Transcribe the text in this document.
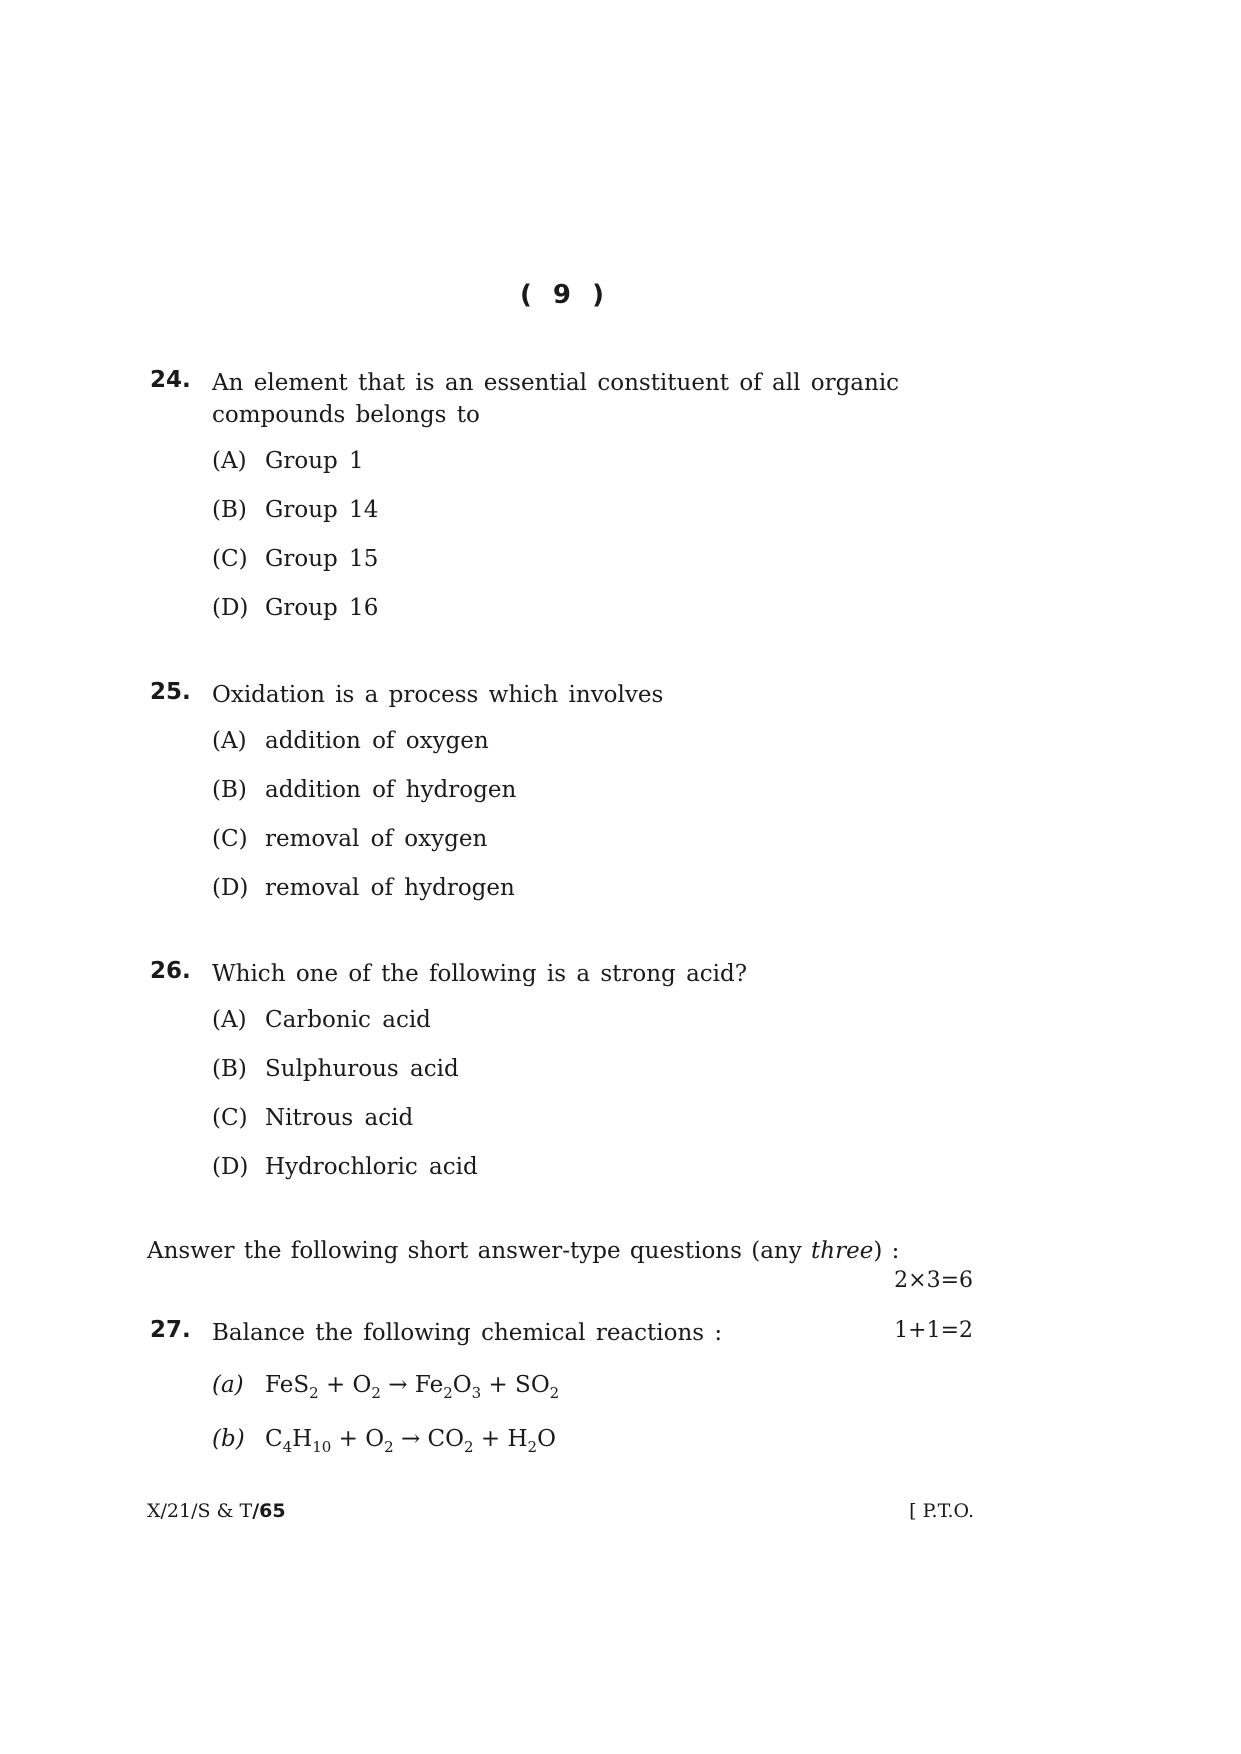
( 9 )
24. An element that is an essential constituent of all organic compounds belongs to
(A) Group 1
(B) Group 14
(C) Group 15
(D) Group 16
25. Oxidation is a process which involves
(A) addition of oxygen
(B) addition of hydrogen
(C) removal of oxygen
(D) removal of hydrogen
26. Which one of the following is a strong acid?
(A) Carbonic acid
(B) Sulphurous acid
(C) Nitrous acid
(D) Hydrochloric acid
Answer the following short answer-type questions (any three) :
2×3=6
27. Balance the following chemical reactions :
(a) $FeS_2 + O_2 \to Fe_2O_3 + SO_2$
(b) $C_4H_{10} + O_2 \to CO_2 + H_2O$
1+1=2
X/21/S & T/65	[ P.T.O.
